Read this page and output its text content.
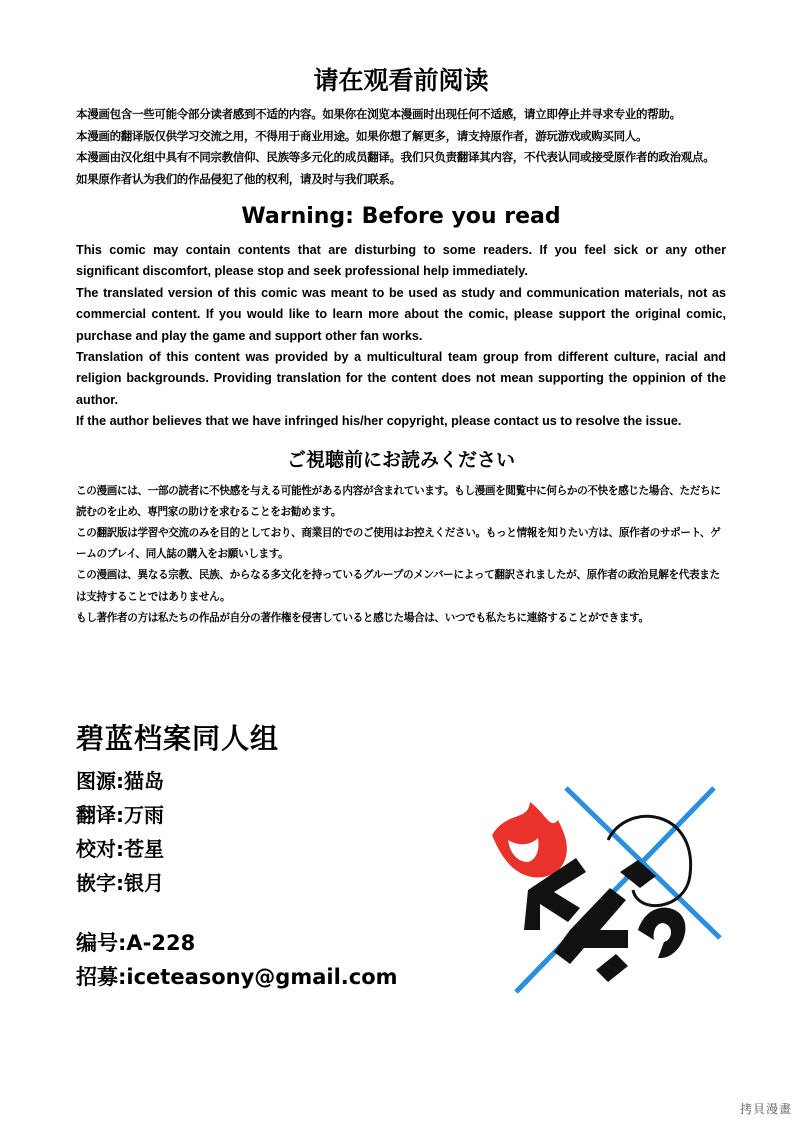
请在观看前阅读

本漫画包含一些可能令部分读者感到不适的内容。如果你在浏览本漫画时出现任何不适感，请立即停止并寻求专业的帮助。

本漫画的翻译版仅供学习交流之用，不得用于商业用途。如果你想了解更多，请支持原作者，游玩游戏或购买同人。

本漫画由汉化组中具有不同宗教信仰、民族等多元化的成员翻译。我们只负责翻译其内容，不代表认同或接受原作者的政治观点。

如果原作者认为我们的作品侵犯了他的权利，请及时与我们联系。

Warning: Before you read

This comic may contain contents that are disturbing to some readers. If you feel sick or any other significant discomfort, please stop and seek professional help immediately.

The translated version of this comic was meant to be used as study and communication materials, not as commercial content. If you would like to learn more about the comic, please support the original comic, purchase and play the game and support other fan works.

Translation of this content was provided by a multicultural team group from different culture, racial and religion backgrounds. Providing translation for the content does not mean supporting the oppinion of the author.

If the author believes that we have infringed his/her copyright, please contact us to resolve the issue.

ご視聴前にお読みください

この漫画には、一部の読者に不快感を与える可能性がある内容が含まれています。もし漫画を閲覧中に何らかの不快を感じた場合、ただちに読むのを止め、専門家の助けを求むることをお勧めます。

この翻訳版は学習や交流のみを目的としており、商業目的でのご使用はお控えください。もっと情報を知りたい方は、原作者のサポート、ゲームのプレイ、同人誌の購入をお願いします。

この漫画は、異なる宗教、民族、からなる多文化を持っているグループのメンバーによって翻訳されましたが、原作者の政治見解を代表または支持することではありません。

もし著作者の方は私たちの作品が自分の著作権を侵害していると感じた場合は、いつでも私たちに連絡することができます。

碧蓝档案同人组
图源:猫岛
翻译:万雨
校对:苍星
嵌字:银月
编号:A-228
招募:iceteasony@gmail.com
拷貝漫畫
